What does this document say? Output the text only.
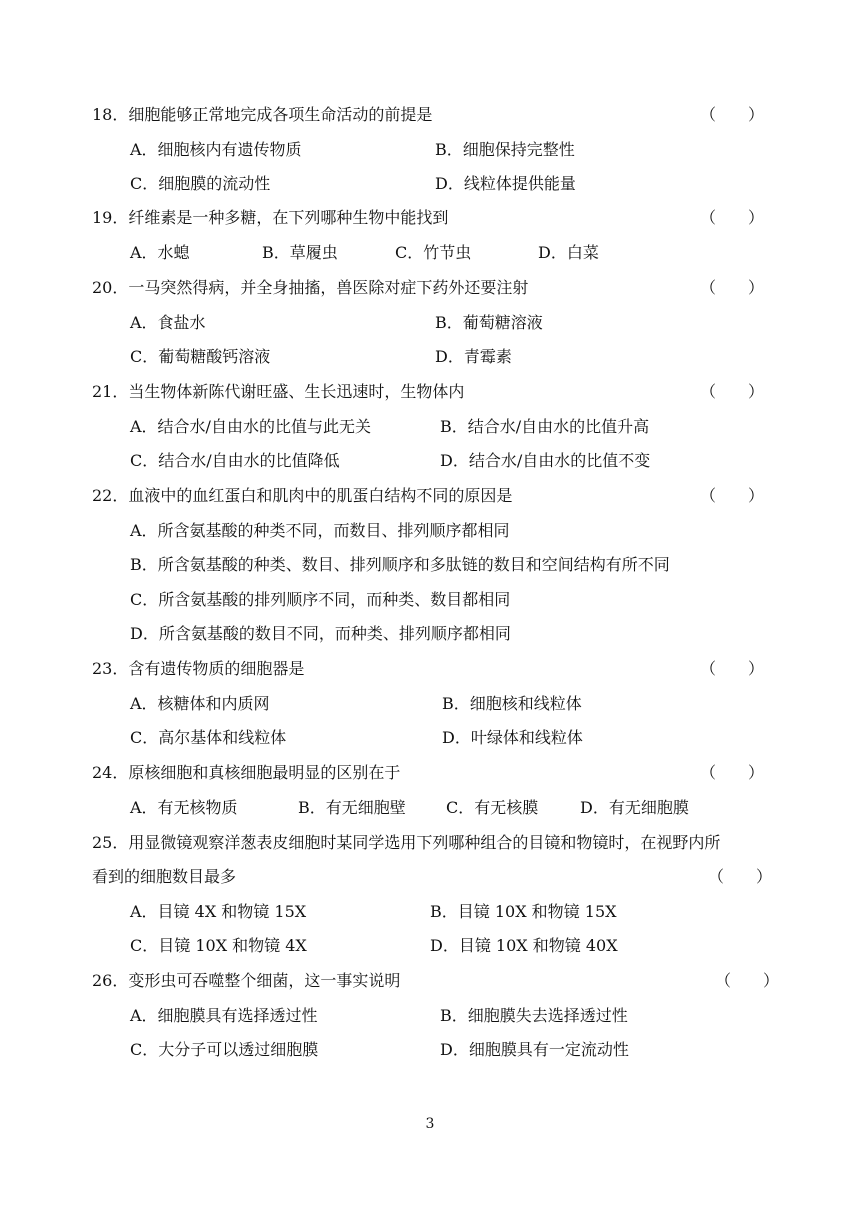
18．细胞能够正常地完成各项生命活动的前提是	（　　）
A．细胞核内有遗传物质	B．细胞保持完整性
C．细胞膜的流动性	D．线粒体提供能量
19．纤维素是一种多糖，在下列哪种生物中能找到	（　　）
A．水螅	B．草履虫	C．竹节虫	D．白菜
20．一马突然得病，并全身抽搐，兽医除对症下药外还要注射	（　　）
A．食盐水	B．葡萄糖溶液
C．葡萄糖酸钙溶液	D．青霉素
21．当生物体新陈代谢旺盛、生长迅速时，生物体内	（　　）
A．结合水/自由水的比值与此无关	B．结合水/自由水的比值升高
C．结合水/自由水的比值降低	D．结合水/自由水的比值不变
22．血液中的血红蛋白和肌肉中的肌蛋白结构不同的原因是	（　　）
A．所含氨基酸的种类不同，而数目、排列顺序都相同
B．所含氨基酸的种类、数目、排列顺序和多肽链的数目和空间结构有所不同
C．所含氨基酸的排列顺序不同，而种类、数目都相同
D．所含氨基酸的数目不同，而种类、排列顺序都相同
23．含有遗传物质的细胞器是	（　　）
A．核糖体和内质网	B．细胞核和线粒体
C．高尔基体和线粒体	D．叶绿体和线粒体
24．原核细胞和真核细胞最明显的区别在于	（　　）
A．有无核物质	B．有无细胞壁	C．有无核膜	D．有无细胞膜
25．用显微镜观察洋葱表皮细胞时某同学选用下列哪种组合的目镜和物镜时，在视野内所
看到的细胞数目最多	（　　）
A．目镜 4X 和物镜 15X	B．目镜 10X 和物镜 15X
C．目镜 10X 和物镜 4X	D．目镜 10X 和物镜 40X
26．变形虫可吞噬整个细菌，这一事实说明	（　　）
A．细胞膜具有选择透过性	B．细胞膜失去选择透过性
C．大分子可以透过细胞膜	D．细胞膜具有一定流动性
3
